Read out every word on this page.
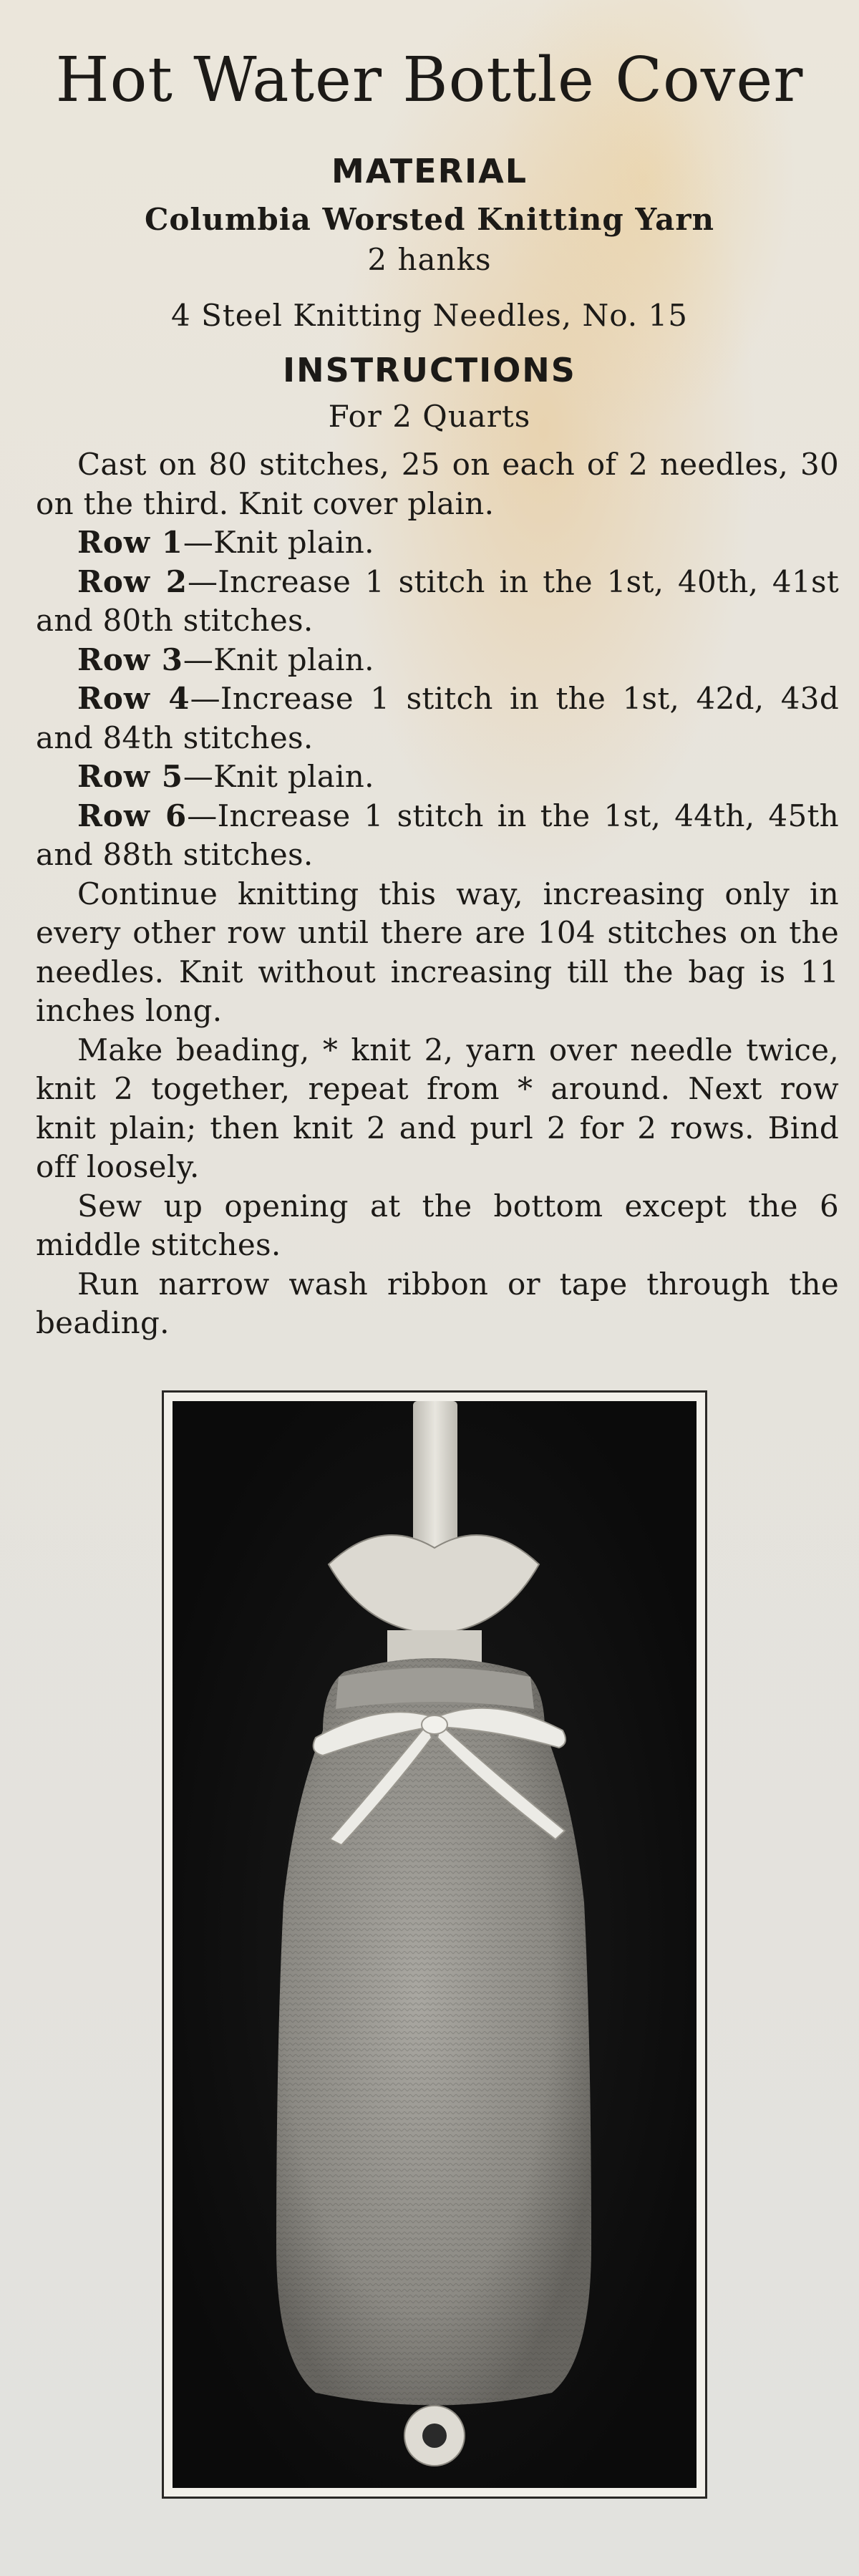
Hot Water Bottle Cover
MATERIAL
Columbia Worsted Knitting Yarn
2 hanks
4 Steel Knitting Needles, No. 15
INSTRUCTIONS
For 2 Quarts

Cast on 80 stitches, 25 on each of 2 needles, 30 on the third. Knit cover plain.

Row 1—Knit plain.

Row 2—Increase 1 stitch in the 1st, 40th, 41st and 80th stitches.

Row 3—Knit plain.

Row 4—Increase 1 stitch in the 1st, 42d, 43d and 84th stitches.

Row 5—Knit plain.

Row 6—Increase 1 stitch in the 1st, 44th, 45th and 88th stitches.

Continue knitting this way, increasing only in every other row until there are 104 stitches on the needles. Knit without increasing till the bag is 11 inches long.

Make beading, * knit 2, yarn over needle twice, knit 2 together, repeat from * around. Next row knit plain; then knit 2 and purl 2 for 2 rows. Bind off loosely.

Sew up opening at the bottom except the 6 middle stitches.

Run narrow wash ribbon or tape through the beading.
